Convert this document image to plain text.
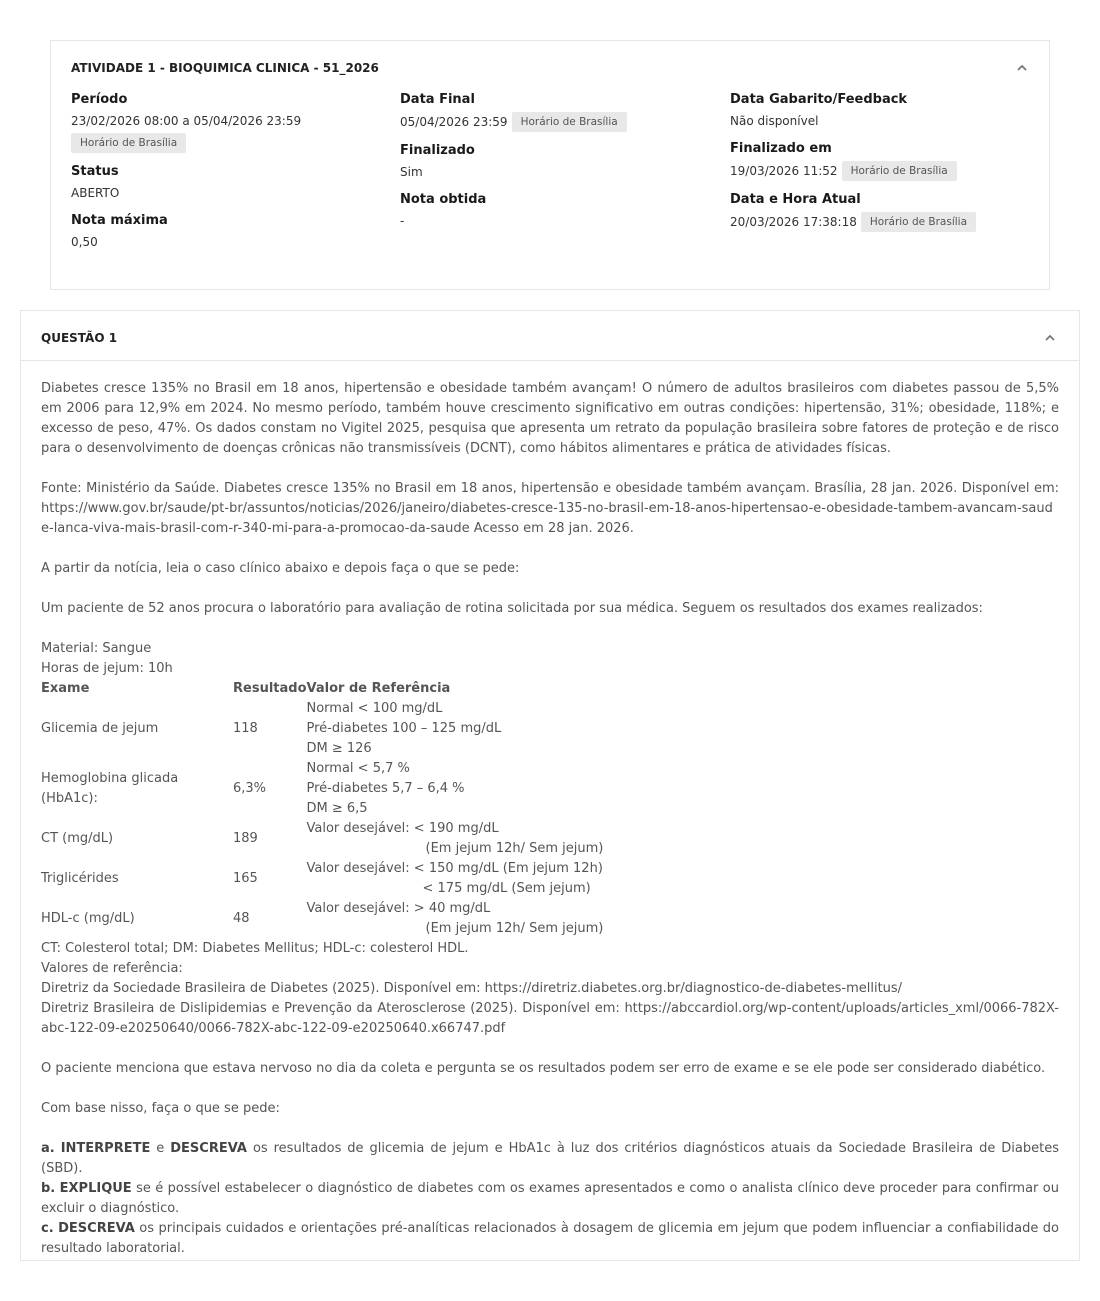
ATIVIDADE 1 - BIOQUIMICA CLINICA - 51_2026
Período
23/02/2026 08:00 a 05/04/2026 23:59
Horário de Brasília
Status
ABERTO
Nota máxima
0,50
Data Final
05/04/2026 23:59	Horário de Brasília
Finalizado
Sim
Nota obtida
-
Data Gabarito/Feedback
Não disponível
Finalizado em
19/03/2026 11:52	Horário de Brasília
Data e Hora Atual
20/03/2026 17:38:18	Horário de Brasília
QUESTÃO 1

Diabetes cresce 135% no Brasil em 18 anos, hipertensão e obesidade também avançam! O número de adultos brasileiros com diabetes passou de 5,5% em 2006 para 12,9% em 2024. No mesmo período, também houve crescimento significativo em outras condições: hipertensão, 31%; obesidade, 118%; e excesso de peso, 47%. Os dados constam no Vigitel 2025, pesquisa que apresenta um retrato da população brasileira sobre fatores de proteção e de risco para o desenvolvimento de doenças crônicas não transmissíveis (DCNT), como hábitos alimentares e prática de atividades físicas.

Fonte: Ministério da Saúde. Diabetes cresce 135% no Brasil em 18 anos, hipertensão e obesidade também avançam. Brasília, 28 jan. 2026. Disponível em: https://www.gov.br/saude/pt-br/assuntos/noticias/2026/janeiro/diabetes-cresce-135-no-brasil-em-18-anos-hipertensao-e-obesidade-tambem-avancam-saude-lanca-viva-mais-brasil-com-r-340-mi-para-a-promocao-da-saude Acesso em 28 jan. 2026.

A partir da notícia, leia o caso clínico abaixo e depois faça o que se pede:

Um paciente de 52 anos procura o laboratório para avaliação de rotina solicitada por sua médica. Seguem os resultados dos exames realizados:

Material: Sangue
Horas de jejum: 10h
Exame	Resultado	Valor de Referência
Glicemia de jejum	118	Normal < 100 mg/dL
Pré-diabetes 100 – 125 mg/dL
DM ≥ 126

Hemoglobina glicada (HbA1c):	6,3%	Normal < 5,7 %
Pré-diabetes 5,7 – 6,4 %
DM ≥ 6,5

CT (mg/dL)	189	Valor desejável: < 190 mg/dL
(Em jejum 12h/ Sem jejum)

Triglicérides	165	Valor desejável: < 150 mg/dL (Em jejum 12h)
< 175 mg/dL (Sem jejum)

HDL-c (mg/dL)	48	Valor desejável: > 40 mg/dL
(Em jejum 12h/ Sem jejum)
CT: Colesterol total; DM: Diabetes Mellitus; HDL-c: colesterol HDL.
Valores de referência:
Diretriz da Sociedade Brasileira de Diabetes (2025). Disponível em: https://diretriz.diabetes.org.br/diagnostico-de-diabetes-mellitus/

Diretriz Brasileira de Dislipidemias e Prevenção da Aterosclerose (2025). Disponível em: https://abccardiol.org/wp-content/uploads/articles_xml/0066-782X-abc-122-09-e20250640/0066-782X-abc-122-09-e20250640.x66747.pdf

O paciente menciona que estava nervoso no dia da coleta e pergunta se os resultados podem ser erro de exame e se ele pode ser considerado diabético.

Com base nisso, faça o que se pede:

a. INTERPRETE e DESCREVA os resultados de glicemia de jejum e HbA1c à luz dos critérios diagnósticos atuais da Sociedade Brasileira de Diabetes (SBD).

b. EXPLIQUE se é possível estabelecer o diagnóstico de diabetes com os exames apresentados e como o analista clínico deve proceder para confirmar ou excluir o diagnóstico.

c. DESCREVA os principais cuidados e orientações pré-analíticas relacionados à dosagem de glicemia em jejum que podem influenciar a confiabilidade do resultado laboratorial.
